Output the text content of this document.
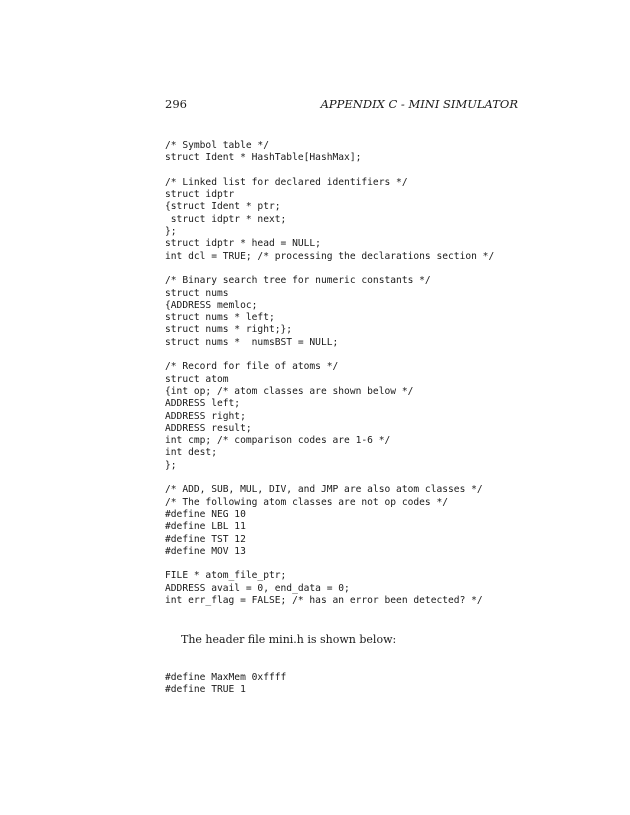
296	APPENDIX C - MINI SIMULATOR
/* Symbol table */
struct Ident * HashTable[HashMax];

/* Linked list for declared identifiers */
struct idptr
{struct Ident * ptr;
struct idptr * next;
};
struct idptr * head = NULL;
int dcl = TRUE; /* processing the declarations section */

/* Binary search tree for numeric constants */
struct nums
{ADDRESS memloc;
struct nums * left;
struct nums * right;};
struct nums *  numsBST = NULL;

/* Record for file of atoms */
struct atom
{int op; /* atom classes are shown below */
ADDRESS left;
ADDRESS right;
ADDRESS result;
int cmp; /* comparison codes are 1-6 */
int dest;
};

/* ADD, SUB, MUL, DIV, and JMP are also atom classes */
/* The following atom classes are not op codes */
#define NEG 10
#define LBL 11
#define TST 12
#define MOV 13

FILE * atom_file_ptr;
ADDRESS avail = 0, end_data = 0;
int err_flag = FALSE; /* has an error been detected? */

The header file mini.h is shown below:

#define MaxMem 0xffff
#define TRUE 1
